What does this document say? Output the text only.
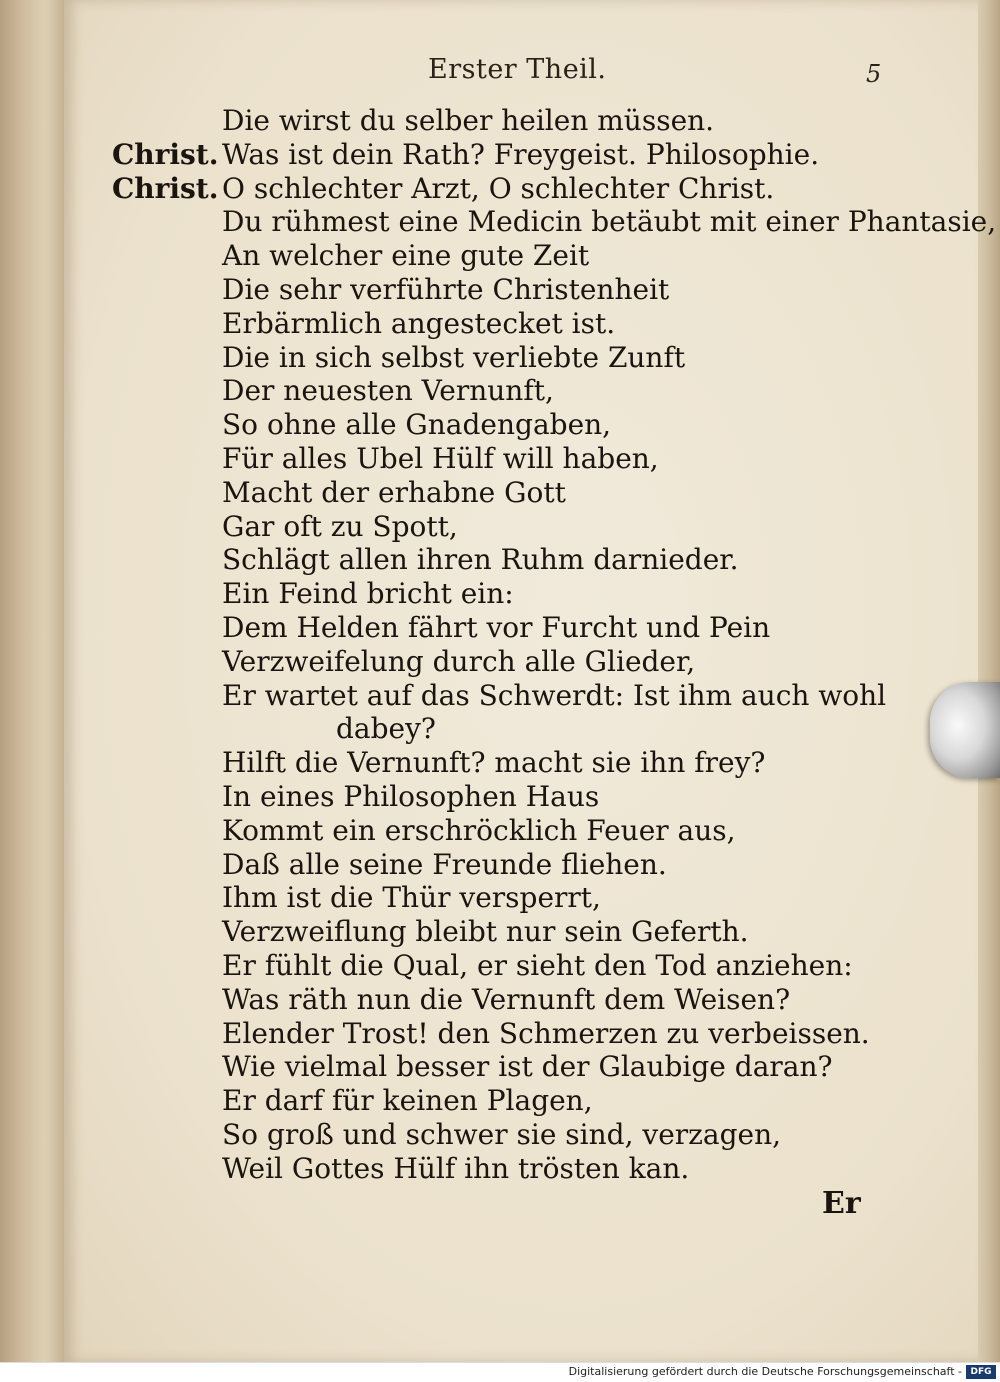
Erster Theil.	5
Die wirst du selber heilen müssen.
Christ. Was ist dein Rath? Freygeist. Philosophie.
Christ. O schlechter Arzt, O schlechter Christ.
Du rühmest eine Medicin betäubt mit einer Phantasie,
An welcher eine gute Zeit
Die sehr verführte Christenheit
Erbärmlich angestecket ist.
Die in sich selbst verliebte Zunft
Der neuesten Vernunft,
So ohne alle Gnadengaben,
Für alles Ubel Hülf will haben,
Macht der erhabne Gott
Gar oft zu Spott,
Schlägt allen ihren Ruhm darnieder.
Ein Feind bricht ein:
Dem Helden fährt vor Furcht und Pein
Verzweifelung durch alle Glieder,
Er wartet auf das Schwerdt: Ist ihm auch wohl
dabey?
Hilft die Vernunft? macht sie ihn frey?
In eines Philosophen Haus
Kommt ein erschröcklich Feuer aus,
Daß alle seine Freunde fliehen.
Ihm ist die Thür versperrt,
Verzweiflung bleibt nur sein Geferth.
Er fühlt die Qual, er sieht den Tod anziehen:
Was räth nun die Vernunft dem Weisen?
Elender Trost! den Schmerzen zu verbeissen.
Wie vielmal besser ist der Glaubige daran?
Er darf für keinen Plagen,
So groß und schwer sie sind, verzagen,
Weil Gottes Hülf ihn trösten kan.
Er
Digitalisierung gefördert durch die Deutsche Forschungsgemeinschaft - DFG
